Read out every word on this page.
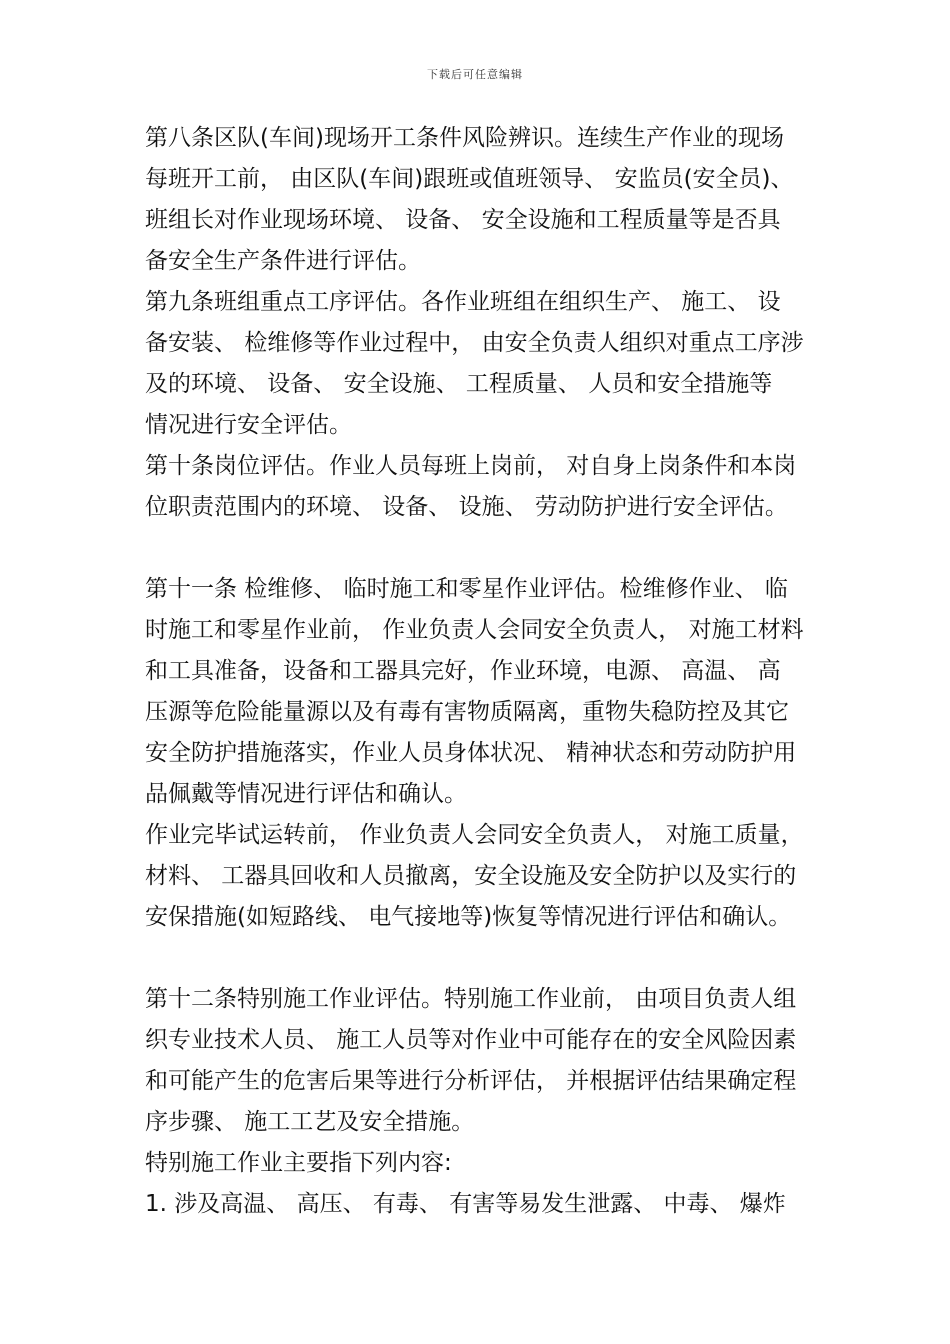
下载后可任意编辑
第八条区队(车间)现场开工条件风险辨识。连续生产作业的现场
每班开工前， 由区队(车间)跟班或值班领导、 安监员(安全员)、
班组长对作业现场环境、 设备、 安全设施和工程质量等是否具
备安全生产条件进行评估。
第九条班组重点工序评估。各作业班组在组织生产、 施工、 设
备安装、 检维修等作业过程中， 由安全负责人组织对重点工序涉
及的环境、 设备、 安全设施、 工程质量、 人员和安全措施等
情况进行安全评估。
第十条岗位评估。作业人员每班上岗前， 对自身上岗条件和本岗
位职责范围内的环境、 设备、 设施、 劳动防护进行安全评估。
第十一条 检维修、 临时施工和零星作业评估。检维修作业、 临
时施工和零星作业前， 作业负责人会同安全负责人， 对施工材料
和工具准备，设备和工器具完好，作业环境，电源、 高温、 高
压源等危险能量源以及有毒有害物质隔离，重物失稳防控及其它
安全防护措施落实，作业人员身体状况、 精神状态和劳动防护用
品佩戴等情况进行评估和确认。
作业完毕试运转前， 作业负责人会同安全负责人， 对施工质量，
材料、 工器具回收和人员撤离，安全设施及安全防护以及实行的
安保措施(如短路线、 电气接地等)恢复等情况进行评估和确认。
第十二条特别施工作业评估。特别施工作业前， 由项目负责人组
织专业技术人员、 施工人员等对作业中可能存在的安全风险因素
和可能产生的危害后果等进行分析评估， 并根据评估结果确定程
序步骤、 施工工艺及安全措施。
特别施工作业主要指下列内容:
1. 涉及高温、 高压、 有毒、 有害等易发生泄露、 中毒、 爆炸
